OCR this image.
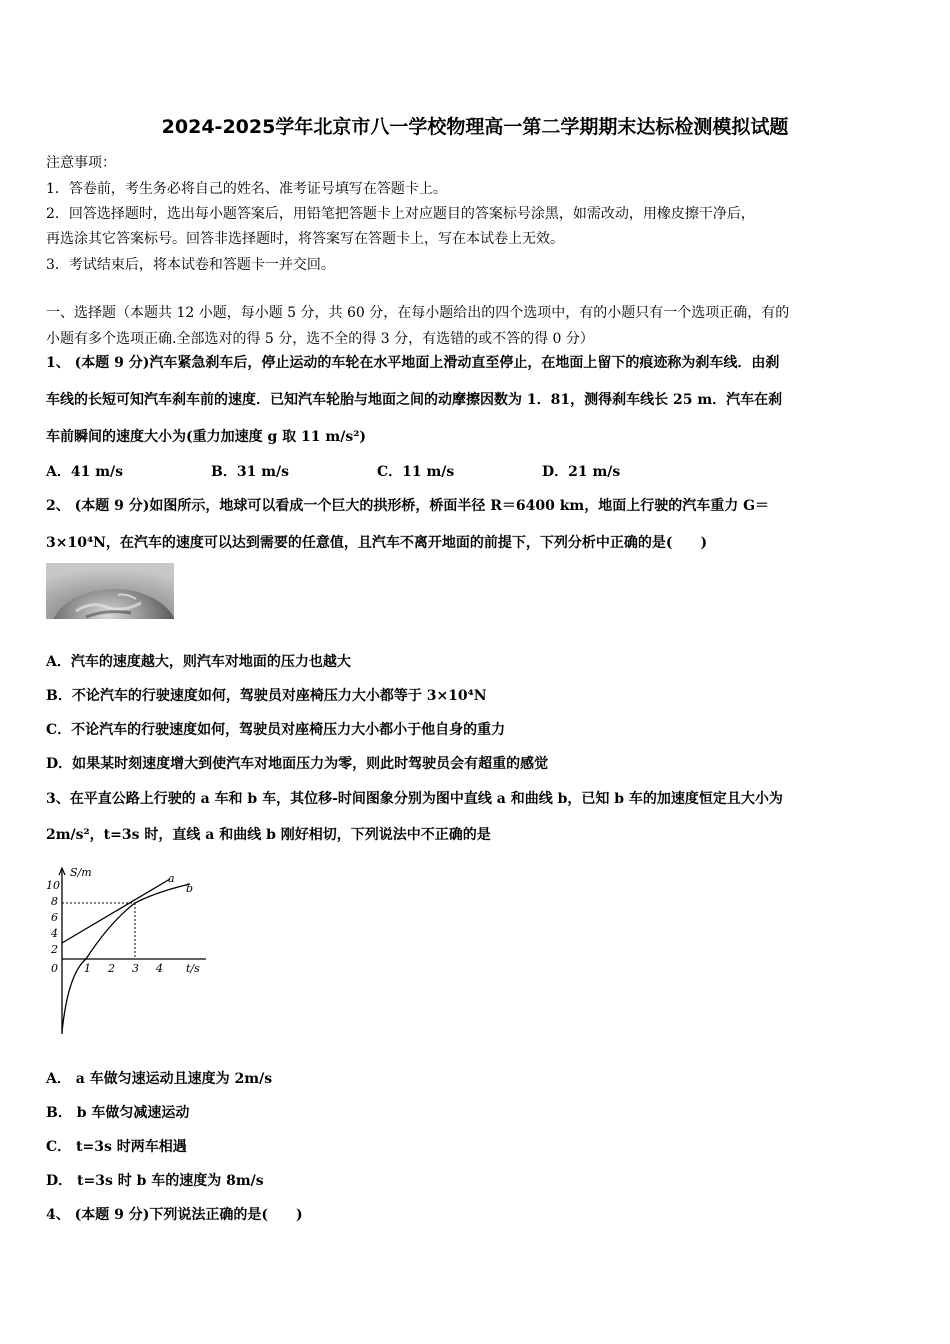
2024-2025学年北京市八一学校物理高一第二学期期末达标检测模拟试题
注意事项：
1．答卷前，考生务必将自己的姓名、准考证号填写在答题卡上。
2．回答选择题时，选出每小题答案后，用铅笔把答题卡上对应题目的答案标号涂黑，如需改动，用橡皮擦干净后，
再选涂其它答案标号。回答非选择题时，将答案写在答题卡上，写在本试卷上无效。
3．考试结束后，将本试卷和答题卡一并交回。
一、选择题（本题共 12 小题，每小题 5 分，共 60 分，在每小题给出的四个选项中，有的小题只有一个选项正确，有的
小题有多个选项正确.全部选对的得 5 分，选不全的得 3 分，有选错的或不答的得 0 分）
1、 (本题 9 分)汽车紧急刹车后，停止运动的车轮在水平地面上滑动直至停止，在地面上留下的痕迹称为刹车线．由刹
车线的长短可知汽车刹车前的速度．已知汽车轮胎与地面之间的动摩擦因数为 1．81，测得刹车线长 25 m．汽车在刹
车前瞬间的速度大小为(重力加速度 g 取 11 m/s²)
A．41 m/s	B．31 m/s	C．11 m/s	D．21 m/s
2、 (本题 9 分)如图所示，地球可以看成一个巨大的拱形桥，桥面半径 R＝6400 km，地面上行驶的汽车重力 G＝
3×10⁴N，在汽车的速度可以达到需要的任意值，且汽车不离开地面的前提下，下列分析中正确的是(　　)
A．汽车的速度越大，则汽车对地面的压力也越大
B．不论汽车的行驶速度如何，驾驶员对座椅压力大小都等于 3×10⁴N
C．不论汽车的行驶速度如何，驾驶员对座椅压力大小都小于他自身的重力
D．如果某时刻速度增大到使汽车对地面压力为零，则此时驾驶员会有超重的感觉
3、在平直公路上行驶的 a 车和 b 车，其位移-时间图象分别为图中直线 a 和曲线 b，已知 b 车的加速度恒定且大小为
2m/s²，t=3s 时，直线 a 和曲线 b 刚好相切，下列说法中不正确的是
S/m
t/s
0
10
8
6
4
2
1 2 3 4
a
b
A． a 车做匀速运动且速度为 2m/s
B． b 车做匀减速运动
C． t=3s 时两车相遇
D． t=3s 时 b 车的速度为 8m/s
4、 (本题 9 分)下列说法正确的是(　　)
